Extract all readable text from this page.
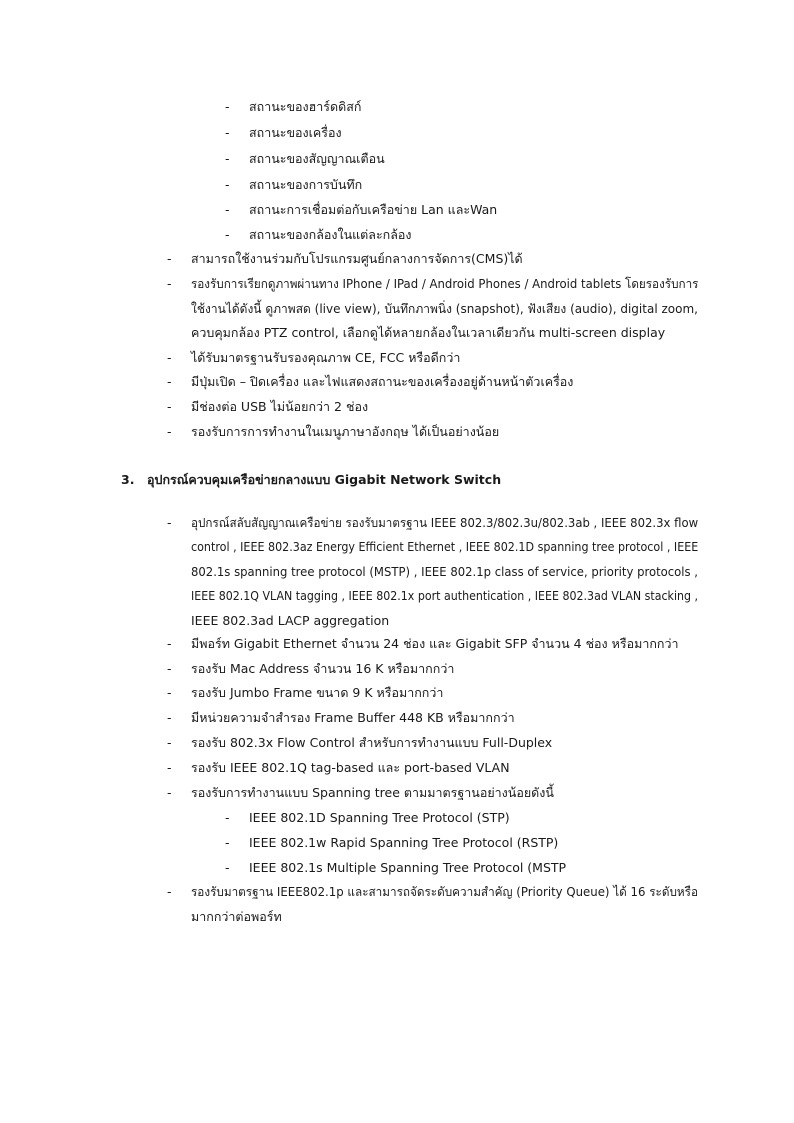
- สถานะของฮาร์ดดิสก์
- สถานะของเครื่อง
- สถานะของสัญญาณเตือน
- สถานะของการบันทึก
- สถานะการเชื่อมต่อกับเครือข่าย Lan และWan
- สถานะของกล้องในแต่ละกล้อง
- สามารถใช้งานร่วมกับโปรแกรมศูนย์กลางการจัดการ(CMS)ได้
- รองรับการเรียกดูภาพผ่านทาง IPhone / IPad / Android Phones / Android tablets โดยรองรับการ
ใช้งานได้ดังนี้ ดูภาพสด (live view), บันทึกภาพนิ่ง (snapshot), ฟังเสียง (audio), digital zoom,
ควบคุมกล้อง PTZ control, เลือกดูได้หลายกล้องในเวลาเดียวกัน multi-screen display
- ได้รับมาตรฐานรับรองคุณภาพ CE, FCC หรือดีกว่า
- มีปุ่มเปิด – ปิดเครื่อง และไฟแสดงสถานะของเครื่องอยู่ด้านหน้าตัวเครื่อง
- มีช่องต่อ USB ไม่น้อยกว่า 2 ช่อง
- รองรับการการทำงานในเมนูภาษาอังกฤษ ได้เป็นอย่างน้อย
3. อุปกรณ์ควบคุมเครือข่ายกลางแบบ Gigabit Network Switch
- อุปกรณ์สลับสัญญาณเครือข่าย รองรับมาตรฐาน IEEE 802.3/802.3u/802.3ab , IEEE 802.3x flow
control , IEEE 802.3az Energy Efficient Ethernet , IEEE 802.1D spanning tree protocol , IEEE
802.1s spanning tree protocol (MSTP) , IEEE 802.1p class of service, priority protocols ,
IEEE 802.1Q VLAN tagging , IEEE 802.1x port authentication , IEEE 802.3ad VLAN stacking ,
IEEE 802.3ad LACP aggregation
- มีพอร์ท Gigabit Ethernet จำนวน 24 ช่อง และ Gigabit SFP จำนวน 4 ช่อง หรือมากกว่า
- รองรับ Mac Address จำนวน 16 K หรือมากกว่า
- รองรับ Jumbo Frame ขนาด 9 K หรือมากกว่า
- มีหน่วยความจำสำรอง Frame Buffer 448 KB หรือมากกว่า
- รองรับ 802.3x Flow Control สำหรับการทำงานแบบ Full-Duplex
- รองรับ IEEE 802.1Q tag-based และ port-based VLAN
- รองรับการทำงานแบบ Spanning tree ตามมาตรฐานอย่างน้อยดังนี้
- IEEE 802.1D Spanning Tree Protocol (STP)
- IEEE 802.1w Rapid Spanning Tree Protocol (RSTP)
- IEEE 802.1s Multiple Spanning Tree Protocol (MSTP
- รองรับมาตรฐาน IEEE802.1p และสามารถจัดระดับความสำคัญ (Priority Queue) ได้ 16 ระดับหรือ
มากกว่าต่อพอร์ท
